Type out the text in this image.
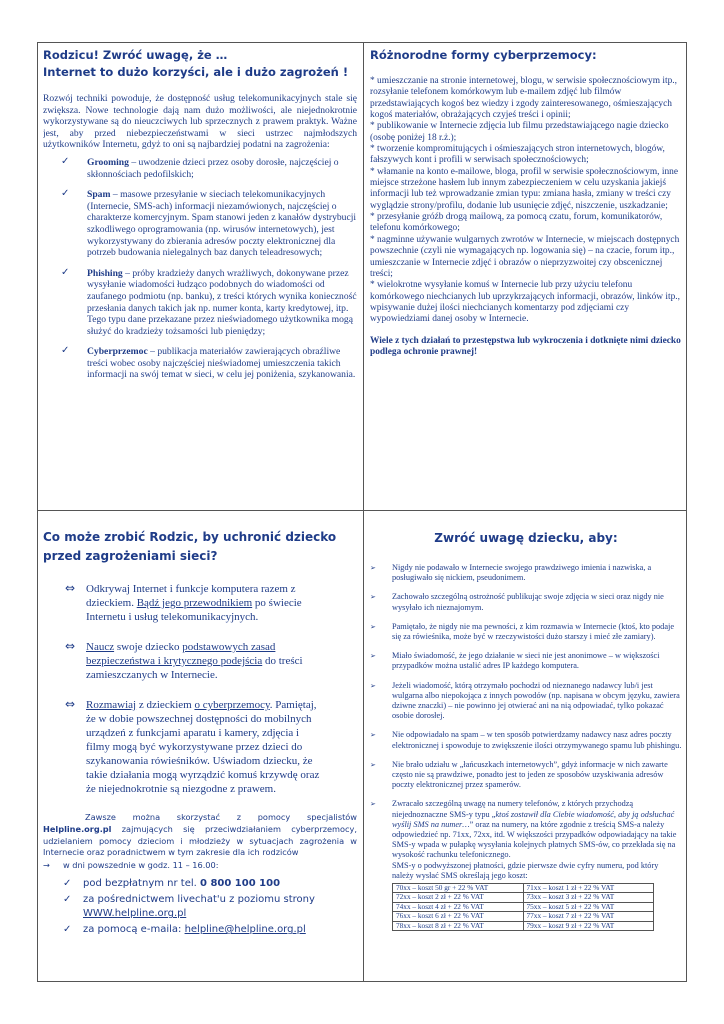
Rodzicu! Zwróć uwagę, że …
Internet to dużo korzyści, ale i dużo zagrożeń !

Rozwój techniki powoduje, że dostępność usług telekomunikacyjnych stale się zwiększa. Nowe technologie dają nam dużo możliwości, ale niejednokrotnie wykorzystywane są do nieuczciwych lub sprzecznych z prawem praktyk. Ważne jest, aby przed niebezpieczeństwami w sieci ustrzec najmłodszych użytkowników Internetu, gdyż to oni są najbardziej podatni na zagrożenia:

✓ Grooming – uwodzenie dzieci przez osoby dorosłe, najczęściej o skłonnościach pedofilskich;
✓ Spam – masowe przesyłanie w sieciach telekomunikacyjnych (Internecie, SMS-ach) informacji niezamówionych, najczęściej o charakterze komercyjnym. Spam stanowi jeden z kanałów dystrybucji szkodliwego oprogramowania (np. wirusów internetowych), jest wykorzystywany do zbierania adresów poczty elektronicznej dla potrzeb budowania nielegalnych baz danych teleadresowych;
✓ Phishing – próby kradzieży danych wrażliwych, dokonywane przez wysyłanie wiadomości łudząco podobnych do wiadomości od zaufanego podmiotu (np. banku), z treści których wynika konieczność przesłania danych takich jak np. numer konta, karty kredytowej, itp. Tego typu dane przekazane przez nieświadomego użytkownika mogą służyć do kradzieży tożsamości lub pieniędzy;
✓ Cyberprzemoc – publikacja materiałów zawierających obraźliwe treści wobec osoby najczęściej nieświadomej umieszczenia takich informacji na swój temat w sieci, w celu jej poniżenia, szykanowania.
Różnorodne formy cyberprzemocy:

* umieszczanie na stronie internetowej, blogu, w serwisie społecznościowym itp., rozsyłanie telefonem komórkowym lub e-mailem zdjęć lub filmów przedstawiających kogoś bez wiedzy i zgody zainteresowanego, ośmieszających kogoś materiałów, obrażających czyjeś treści i opinii;
* publikowanie w Internecie zdjęcia lub filmu przedstawiającego nagie dziecko (osobę poniżej 18 r.ż.);
* tworzenie kompromitujących i ośmieszających stron internetowych, blogów, fałszywych kont i profili w serwisach społecznościowych;
* włamanie na konto e-mailowe, bloga, profil w serwisie społecznościowym, inne miejsce strzeżone hasłem lub innym zabezpieczeniem w celu uzyskania jakiejś informacji lub też wprowadzanie zmian typu: zmiana hasła, zmiany w treści czy wyglądzie strony/profilu, dodanie lub usunięcie zdjęć, niszczenie, uszkadzanie;
* przesyłanie gróźb drogą mailową, za pomocą czatu, forum, komunikatorów, telefonu komórkowego;
* nagminne używanie wulgarnych zwrotów w Internecie, w miejscach dostępnych powszechnie (czyli nie wymagających np. logowania się) – na czacie, forum itp., umieszczanie w Internecie zdjęć i obrazów o nieprzyzwoitej czy obscenicznej treści;
* wielokrotne wysyłanie komuś w Internecie lub przy użyciu telefonu komórkowego niechcianych lub uprzykrzających informacji, obrazów, linków itp., wpisywanie dużej ilości niechcianych komentarzy pod zdjęciami czy wypowiedziami danej osoby w Internecie.

Wiele z tych działań to przestępstwa lub wykroczenia i dotknięte nimi dziecko podlega ochronie prawnej!

Co może zrobić Rodzic, by uchronić dziecko przed zagrożeniami sieci?
⇔ Odkrywaj Internet i funkcje komputera razem z dzieckiem. Bądź jego przewodnikiem po świecie Internetu i usług telekomunikacyjnych.
⇔ Naucz swoje dziecko podstawowych zasad bezpieczeństwa i krytycznego podejścia do treści zamieszczanych w Internecie.
⇔ Rozmawiaj z dzieckiem o cyberprzemocy. Pamiętaj, że w dobie powszechnej dostępności do mobilnych urządzeń z funkcjami aparatu i kamery, zdjęcia i filmy mogą być wykorzystywane przez dzieci do szykanowania rówieśników. Uświadom dziecku, że takie działania mogą wyrządzić komuś krzywdę oraz że niejednokrotnie są niezgodne z prawem.

Zawsze można skorzystać z pomocy specjalistów Helpline.org.pl zajmujących się przeciwdziałaniem cyberprzemocy, udzielaniem pomocy dzieciom i młodzieży w sytuacjach zagrożenia w Internecie oraz poradnictwem w tym zakresie dla ich rodziców

→ w dni powszednie w godz. 11 – 16.00:
✓ pod bezpłatnym nr tel. 0 800 100 100
✓ za pośrednictwem livechat'u z poziomu strony WWW.helpline.org.pl
✓ za pomocą e-maila: helpline@helpline.org.pl
Zwróć uwagę dziecku, aby:
➢ Nigdy nie podawało w Internecie swojego prawdziwego imienia i nazwiska, a posługiwało się nickiem, pseudonimem.
➢ Zachowało szczególną ostrożność publikując swoje zdjęcia w sieci oraz nigdy nie wysyłało ich nieznajomym.
➢ Pamiętało, że nigdy nie ma pewności, z kim rozmawia w Internecie (ktoś, kto podaje się za rówieśnika, może być w rzeczywistości dużo starszy i mieć złe zamiary).
➢ Miało świadomość, że jego działanie w sieci nie jest anonimowe – w większości przypadków można ustalić adres IP każdego komputera.
➢ Jeżeli wiadomość, którą otrzymało pochodzi od nieznanego nadawcy lub/i jest wulgarna albo niepokojąca z innych powodów (np. napisana w obcym języku, zawiera dziwne znaczki) – nie powinno jej otwierać ani na nią odpowiadać, tylko pokazać osobie dorosłej.
➢ Nie odpowiadało na spam – w ten sposób potwierdzamy nadawcy nasz adres poczty elektronicznej i spowoduje to zwiększenie ilości otrzymywanego spamu lub phishingu.
➢ Nie brało udziału w „łańcuszkach internetowych”, gdyż informacje w nich zawarte często nie są prawdziwe, ponadto jest to jeden ze sposobów uzyskiwania adresów poczty elektronicznej przez spamerów.
➢ Zwracało szczególną uwagę na numery telefonów, z których przychodzą niejednoznaczne SMS-y typu „ktoś zostawił dla Ciebie wiadomość, aby ją odsłuchać wyślij SMS na numer…” oraz na numery, na które zgodnie z treścią SMS-a należy odpowiedzieć np. 71xx, 72xx, itd. W większości przypadków odpowiadający na takie SMS-y wpada w pułapkę wysyłania kolejnych płatnych SMS-ów, co przekłada się na wysokość rachunku telefonicznego.
SMS-y o podwyższonej płatności, gdzie pierwsze dwie cyfry numeru, pod który należy wysłać SMS określają jego koszt:
70xx – koszt 50 gr + 22 % VAT	71xx – koszt 1 zł + 22 % VAT
72xx – koszt 2 zł + 22 % VAT	73xx – koszt 3 zł + 22 % VAT
74xx – koszt 4 zł + 22 % VAT	75xx – koszt 5 zł + 22 % VAT
76xx – koszt 6 zł + 22 % VAT	77xx – koszt 7 zł + 22 % VAT
78xx – koszt 8 zł + 22 % VAT	79xx – koszt 9 zł + 22 % VAT
